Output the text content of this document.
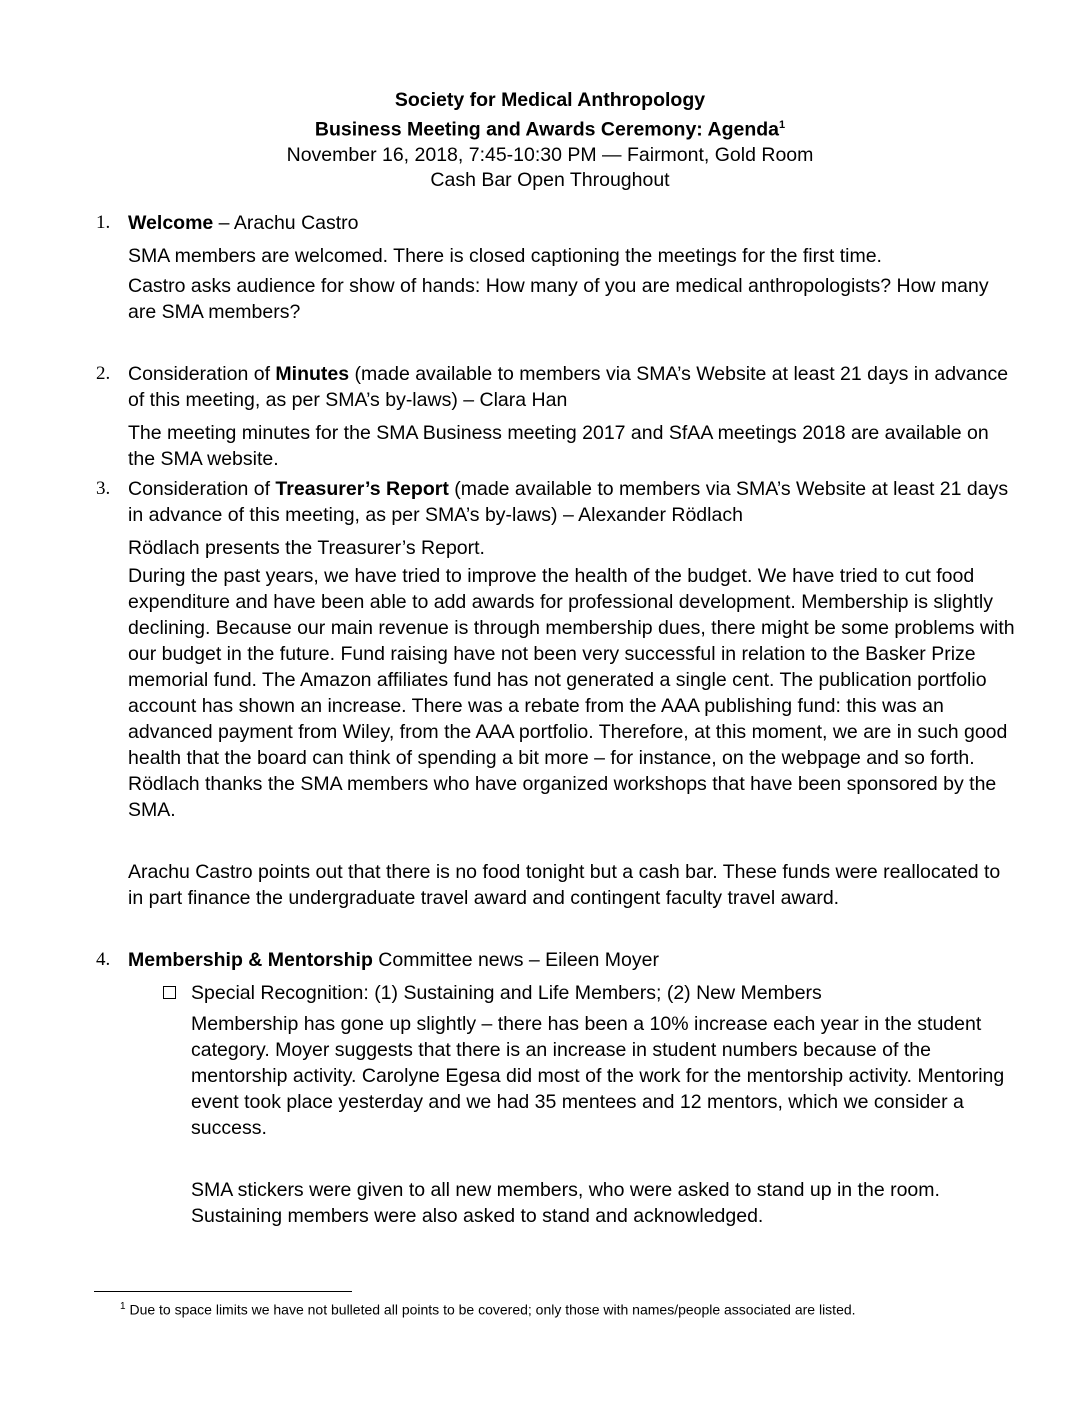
Society for Medical Anthropology
Business Meeting and Awards Ceremony: Agenda$^1$
November 16, 2018, 7:45-10:30 PM — Fairmont, Gold Room
Cash Bar Open Throughout
1. Welcome – Arachu Castro
SMA members are welcomed. There is closed captioning the meetings for the first time.
Castro asks audience for show of hands: How many of you are medical anthropologists? How many are SMA members?
2. Consideration of Minutes (made available to members via SMA’s Website at least 21 days in advance of this meeting, as per SMA’s by-laws) – Clara Han
The meeting minutes for the SMA Business meeting 2017 and SfAA meetings 2018 are available on the SMA website.
3. Consideration of Treasurer’s Report (made available to members via SMA’s Website at least 21 days in advance of this meeting, as per SMA’s by-laws) – Alexander Rödlach
Rödlach presents the Treasurer’s Report.
During the past years, we have tried to improve the health of the budget. We have tried to cut food expenditure and have been able to add awards for professional development. Membership is slightly declining. Because our main revenue is through membership dues, there might be some problems with our budget in the future. Fund raising have not been very successful in relation to the Basker Prize memorial fund. The Amazon affiliates fund has not generated a single cent. The publication portfolio account has shown an increase. There was a rebate from the AAA publishing fund: this was an advanced payment from Wiley, from the AAA portfolio. Therefore, at this moment, we are in such good health that the board can think of spending a bit more – for instance, on the webpage and so forth. Rödlach thanks the SMA members who have organized workshops that have been sponsored by the SMA.
Arachu Castro points out that there is no food tonight but a cash bar. These funds were reallocated to in part finance the undergraduate travel award and contingent faculty travel award.
4. Membership & Mentorship Committee news – Eileen Moyer
Special Recognition: (1) Sustaining and Life Members; (2) New Members
Membership has gone up slightly – there has been a 10% increase each year in the student category. Moyer suggests that there is an increase in student numbers because of the mentorship activity. Carolyne Egesa did most of the work for the mentorship activity. Mentoring event took place yesterday and we had 35 mentees and 12 mentors, which we consider a success.
SMA stickers were given to all new members, who were asked to stand up in the room. Sustaining members were also asked to stand and acknowledged.
$^1$ Due to space limits we have not bulleted all points to be covered; only those with names/people associated are listed.
